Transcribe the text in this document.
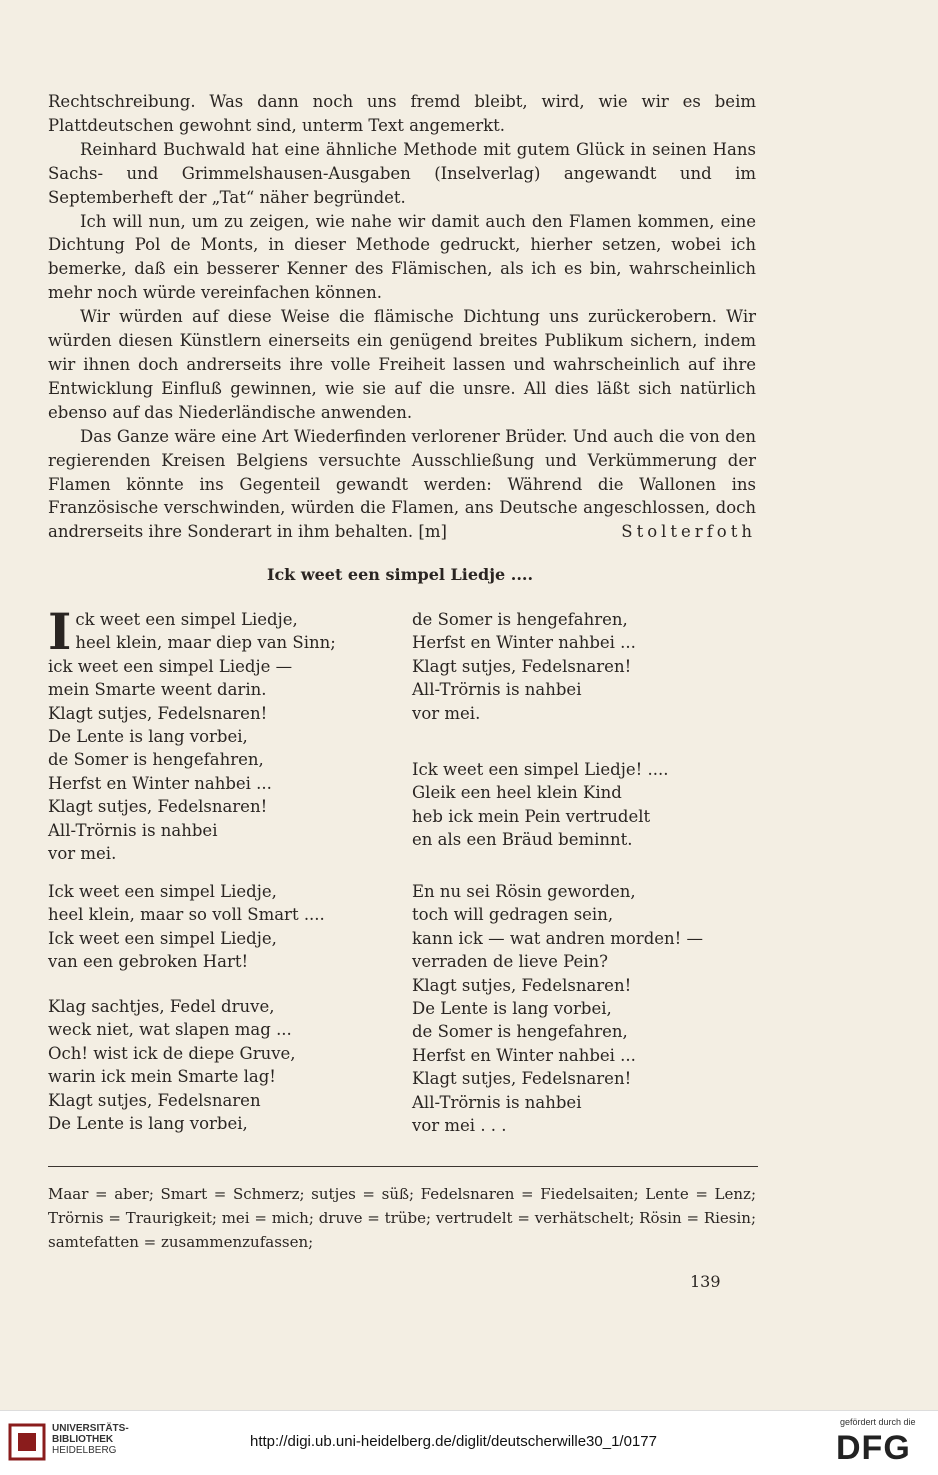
Rechtschreibung. Was dann noch uns fremd bleibt, wird, wie wir es beim Plattdeutschen gewohnt sind, unterm Text angemerkt.

Reinhard Buchwald hat eine ähnliche Methode mit gutem Glück in seinen Hans Sachs- und Grimmelshausen-Ausgaben (Inselverlag) angewandt und im Septemberheft der „Tat“ näher begründet.

Ich will nun, um zu zeigen, wie nahe wir damit auch den Flamen kommen, eine Dichtung Pol de Monts, in dieser Methode gedruckt, hierher setzen, wobei ich bemerke, daß ein besserer Kenner des Flämischen, als ich es bin, wahrscheinlich mehr noch würde vereinfachen können.

Wir würden auf diese Weise die flämische Dichtung uns zurückerobern. Wir würden diesen Künstlern einerseits ein genügend breites Publikum sichern, indem wir ihnen doch andrerseits ihre volle Freiheit lassen und wahrscheinlich auf ihre Entwicklung Einfluß gewinnen, wie sie auf die unsre. All dies läßt sich natürlich ebenso auf das Niederländische anwenden.

Das Ganze wäre eine Art Wiederfinden verlorener Brüder. Und auch die von den regierenden Kreisen Belgiens versuchte Ausschließung und Verkümmerung der Flamen könnte ins Gegenteil gewandt werden: Während die Wallonen ins Französische verschwinden, würden die Flamen, ans Deutsche angeschlossen, doch andrerseits ihre Sonderart in ihm behalten. [m]	Stolterfoth
Ick weet een simpel Liedje ....
I ck weet een simpel Liedje,
heel klein, maar diep van Sinn;
ick weet een simpel Liedje —
mein Smarte weent darin.
Klagt sutjes, Fedelsnaren!
De Lente is lang vorbei,
de Somer is hengefahren,
Herfst en Winter nahbei ...
Klagt sutjes, Fedelsnaren!
All-Trörnis is nahbei
vor mei.
de Somer is hengefahren,
Herfst en Winter nahbei ...
Klagt sutjes, Fedelsnaren!
All-Trörnis is nahbei
vor mei.
Ick weet een simpel Liedje! ....
Gleik een heel klein Kind
heb ick mein Pein vertrudelt
en als een Bräud beminnt.
Ick weet een simpel Liedje,
heel klein, maar so voll Smart ....
Ick weet een simpel Liedje,
van een gebroken Hart!
Klag sachtjes, Fedel druve,
weck niet, wat slapen mag ...
Och! wist ick de diepe Gruve,
warin ick mein Smarte lag!
Klagt sutjes, Fedelsnaren
De Lente is lang vorbei,
En nu sei Rösin geworden,
toch will gedragen sein,
kann ick — wat andren morden! —
verraden de lieve Pein?
Klagt sutjes, Fedelsnaren!
De Lente is lang vorbei,
de Somer is hengefahren,
Herfst en Winter nahbei ...
Klagt sutjes, Fedelsnaren!
All-Trörnis is nahbei
vor mei . . .
Maar = aber; Smart = Schmerz; sutjes = süß; Fedelsnaren = Fiedelsaiten; Lente = Lenz; Trörnis = Traurigkeit; mei = mich; druve = trübe; vertrudelt = verhätschelt; Rösin = Riesin; samtefatten = zusammenzufassen;
139
UNIVERSITÄTS-
BIBLIOTHEK
HEIDELBERG
http://digi.ub.uni-heidelberg.de/diglit/deutscherwille30_1/0177
gefördert durch die
DFG
